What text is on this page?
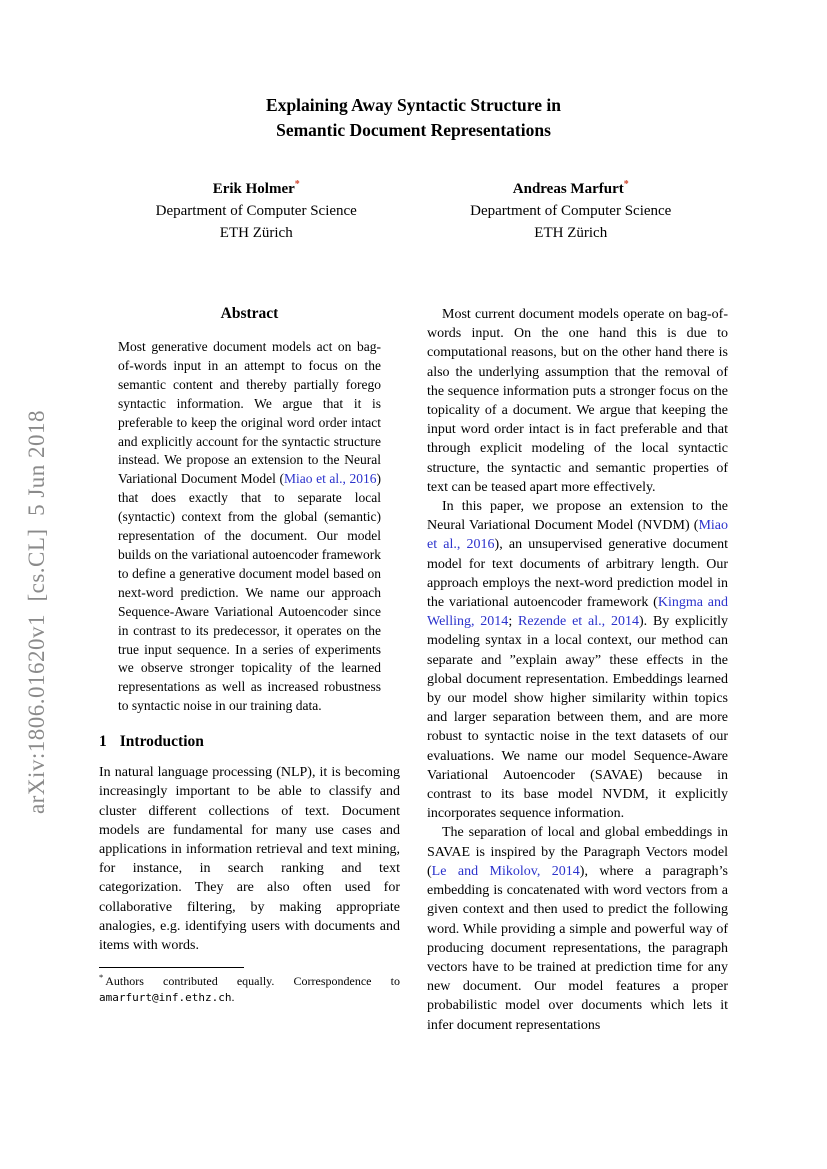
arXiv:1806.01620v1  [cs.CL]  5 Jun 2018
Explaining Away Syntactic Structure in
Semantic Document Representations
Erik Holmer*
Department of Computer Science
ETH Zürich
Andreas Marfurt*
Department of Computer Science
ETH Zürich
Abstract

Most generative document models act on bag-of-words input in an attempt to focus on the semantic content and thereby partially forego syntactic information. We argue that it is preferable to keep the original word order intact and explicitly account for the syntactic structure instead. We propose an extension to the Neural Variational Document Model (Miao et al., 2016) that does exactly that to separate local (syntactic) context from the global (semantic) representation of the document. Our model builds on the variational autoencoder framework to define a generative document model based on next-word prediction. We name our approach Sequence-Aware Variational Autoencoder since in contrast to its predecessor, it operates on the true input sequence. In a series of experiments we observe stronger topicality of the learned representations as well as increased robustness to syntactic noise in our training data.

1 Introduction

In natural language processing (NLP), it is becoming increasingly important to be able to classify and cluster different collections of text. Document models are fundamental for many use cases and applications in information retrieval and text mining, for instance, in search ranking and text categorization. They are also often used for collaborative filtering, by making appropriate analogies, e.g. identifying users with documents and items with words.

* Authors contributed equally. Correspondence to amarfurt@inf.ethz.ch.

Most current document models operate on bag-of-words input. On the one hand this is due to computational reasons, but on the other hand there is also the underlying assumption that the removal of the sequence information puts a stronger focus on the topicality of a document. We argue that keeping the input word order intact is in fact preferable and that through explicit modeling of the local syntactic structure, the syntactic and semantic properties of text can be teased apart more effectively.

In this paper, we propose an extension to the Neural Variational Document Model (NVDM) (Miao et al., 2016), an unsupervised generative document model for text documents of arbitrary length. Our approach employs the next-word prediction model in the variational autoencoder framework (Kingma and Welling, 2014; Rezende et al., 2014). By explicitly modeling syntax in a local context, our method can separate and ”explain away” these effects in the global document representation. Embeddings learned by our model show higher similarity within topics and larger separation between them, and are more robust to syntactic noise in the text datasets of our evaluations. We name our model Sequence-Aware Variational Autoencoder (SAVAE) because in contrast to its base model NVDM, it explicitly incorporates sequence information.

The separation of local and global embeddings in SAVAE is inspired by the Paragraph Vectors model (Le and Mikolov, 2014), where a paragraph’s embedding is concatenated with word vectors from a given context and then used to predict the following word. While providing a simple and powerful way of producing document representations, the paragraph vectors have to be trained at prediction time for any new document. Our model features a proper probabilistic model over documents which lets it infer document representations
